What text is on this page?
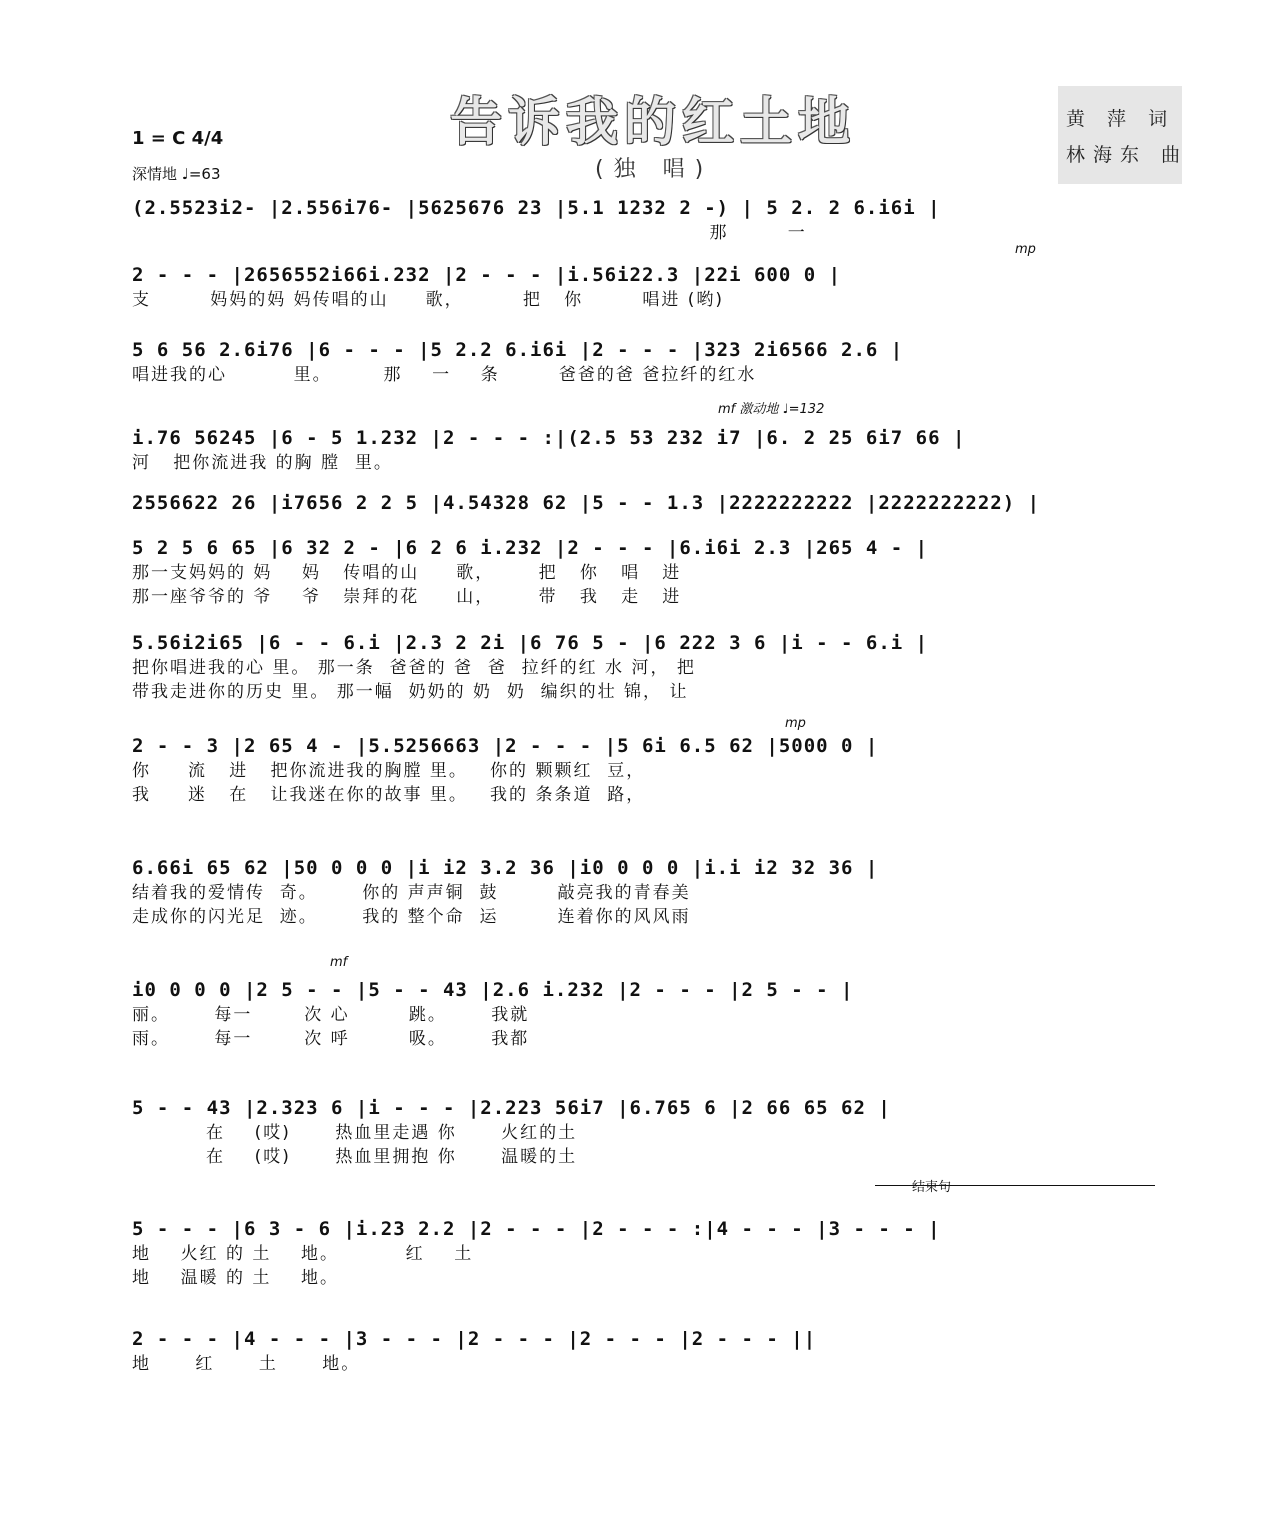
告诉我的红土地
(独 唱)
黄 萍 词
林海东 曲
1 = C 4/4
深情地 ♩=63
mp
mf 激动地 ♩=132
mp
mf
结束句
(2.5523i2- |2.556i76- |5625676 23 |5.1 1232 2 -) | 5 2. 2 6.i6i |
那        一
2 - - - |2656552i66i.232 |2 - - - |i.56i22.3 |22i 600 0 |
支        妈妈的妈 妈传唱的山     歌，        把   你        唱进 (哟)
5 6 56 2.6i76 |6 - - - |5 2.2 6.i6i |2 - - - |323 2i6566 2.6 |
唱进我的心         里。       那    一    条        爸爸的爸 爸拉纤的红水
i.76 56245 |6 - 5 1.232 |2 - - - :|(2.5 53 232 i7 |6. 2 25 6i7 66 |
河   把你流进我 的胸 膛  里。
2556622 26 |i7656 2 2 5 |4.54328 62 |5 - - 1.3 |2222222222 |2222222222) |
5 2 5 6 65 |6 32 2 - |6 2 6 i.232 |2 - - - |6.i6i 2.3 |265 4 - |
那一支妈妈的 妈    妈   传唱的山     歌，      把   你   唱   进
那一座爷爷的 爷    爷   崇拜的花     山，      带   我   走   进
5.56i2i65 |6 - - 6.i |2.3 2 2i |6 76 5 - |6 222 3 6 |i - - 6.i |
把你唱进我的心 里。 那一条  爸爸的 爸  爸  拉纤的红 水 河， 把
带我走进你的历史 里。 那一幅  奶奶的 奶  奶  编织的壮 锦， 让
2 - - 3 |2 65 4 - |5.5256663 |2 - - - |5 6i 6.5 62 |5000 0 |
你     流   进   把你流进我的胸膛 里。   你的 颗颗红  豆，
我     迷   在   让我迷在你的故事 里。   我的 条条道  路，
6.66i 65 62 |50 0 0 0 |i i2 3.2 36 |i0 0 0 0 |i.i i2 32 36 |
结着我的爱情传  奇。      你的 声声铜  鼓        敲亮我的青春美
走成你的闪光足  迹。      我的 整个命  运        连着你的风风雨
i0 0 0 0 |2 5 - - |5 - - 43 |2.6 i.232 |2 - - - |2 5 - - |
丽。      每一       次 心        跳。      我就
雨。      每一       次 呼        吸。      我都
5 - - 43 |2.323 6 |i - - - |2.223 56i7 |6.765 6 |2 66 65 62 |
在    (哎)      热血里走遇 你      火红的土
在    (哎)      热血里拥抱 你      温暖的土
5 - - - |6 3 - 6 |i.23 2.2 |2 - - - |2 - - - :|4 - - - |3 - - - |
地    火红 的 土    地。         红    土
地    温暖 的 土    地。
2 - - - |4 - - - |3 - - - |2 - - - |2 - - - |2 - - - ||
地      红      土      地。
